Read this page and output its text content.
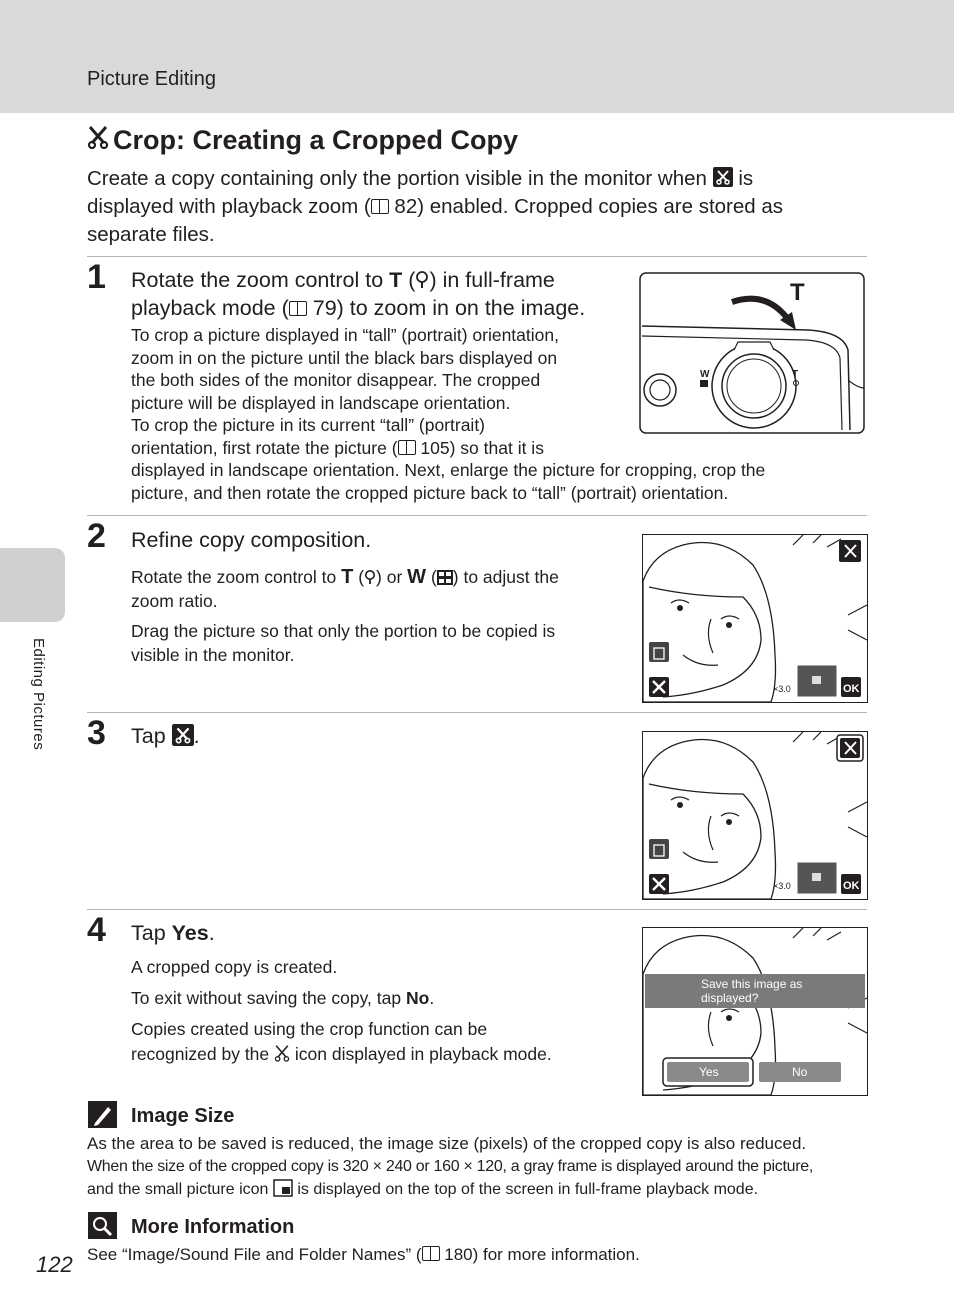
Picture Editing
Editing Pictures
Crop: Creating a Cropped Copy
Create a copy containing only the portion visible in the monitor when is
displayed with playback zoom ( 82) enabled. Cropped copies are stored as
separate files.
1 Rotate the zoom control to T ( ) in full-frame
playback mode ( 79) to zoom in on the image.
To crop a picture displayed in “tall” (portrait) orientation,
zoom in on the picture until the black bars displayed on
the both sides of the monitor disappear. The cropped
picture will be displayed in landscape orientation.
To crop the picture in its current “tall” (portrait)
orientation, first rotate the picture ( 105) so that it is
displayed in landscape orientation. Next, enlarge the picture for cropping, crop the
picture, and then rotate the cropped picture back to “tall” (portrait) orientation.
T
W	T
2 Refine copy composition.
Rotate the zoom control to T ( ) or W ( ) to adjust the
zoom ratio.
Drag the picture so that only the portion to be copied is
visible in the monitor.
×3.0	OK
3 Tap .
×3.0	OK
4 Tap Yes.
A cropped copy is created.
To exit without saving the copy, tap No.
Copies created using the crop function can be
recognized by the icon displayed in playback mode.
Save this image as
displayed?
Yes	No
Image Size
As the area to be saved is reduced, the image size (pixels) of the cropped copy is also reduced.
When the size of the cropped copy is 320 × 240 or 160 × 120, a gray frame is displayed around the picture,
and the small picture icon is displayed on the top of the screen in full-frame playback mode.
More Information
See “Image/Sound File and Folder Names” ( 180) for more information.
122
